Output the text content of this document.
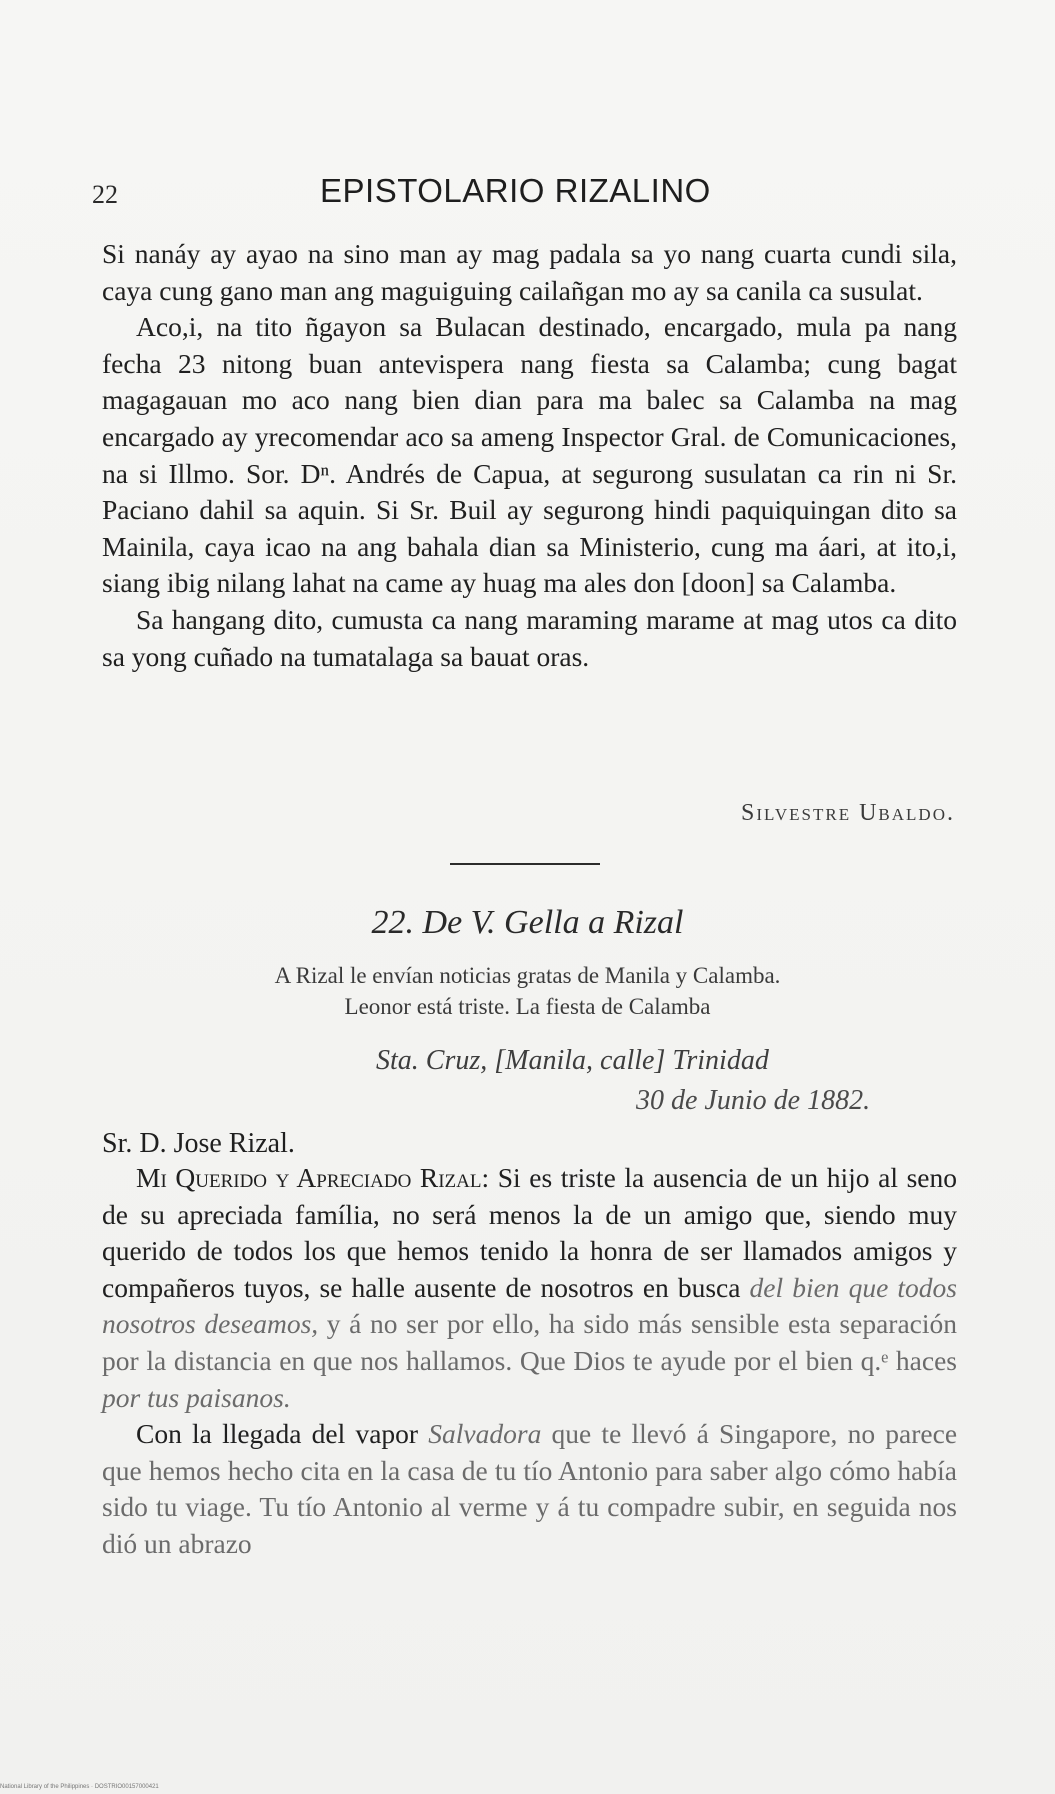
22	EPISTOLARIO RIZALINO

Si nanáy ay ayao na sino man ay mag padala sa yo nang cuarta cundi sila, caya cung gano man ang maguiguing cailañgan mo ay sa canila ca susulat.

Aco,i, na tito ñgayon sa Bulacan destinado, encargado, mula pa nang fecha 23 nitong buan antevispera nang fiesta sa Calamba; cung bagat magagauan mo aco nang bien dian para ma balec sa Calamba na mag encargado ay yrecomendar aco sa ameng Inspector Gral. de Comunicaciones, na si Illmo. Sor. Dⁿ. Andrés de Capua, at segurong susulatan ca rin ni Sr. Paciano dahil sa aquin. Si Sr. Buil ay segurong hindi paquiquingan dito sa Mainila, caya icao na ang bahala dian sa Ministerio, cung ma áari, at ito,i, siang ibig nilang lahat na came ay huag ma ales don [doon] sa Calamba.

Sa hangang dito, cumusta ca nang maraming marame at mag utos ca dito sa yong cuñado na tumatalaga sa bauat oras.

Silvestre Ubaldo.
22. De V. Gella a Rizal
A Rizal le envían noticias gratas de Manila y Calamba.
Leonor está triste. La fiesta de Calamba
Sta. Cruz, [Manila, calle] Trinidad
30 de Junio de 1882.
Sr. D. Jose Rizal.

Mi Querido y Apreciado Rizal: Si es triste la ausencia de un hijo al seno de su apreciada família, no será menos la de un amigo que, siendo muy querido de todos los que hemos tenido la honra de ser llamados amigos y compañeros tuyos, se halle ausente de nosotros en busca del bien que todos nosotros deseamos, y á no ser por ello, ha sido más sensible esta separación por la distancia en que nos hallamos. Que Dios te ayude por el bien q.ᵉ haces por tus paisanos.

Con la llegada del vapor Salvadora que te llevó á Singapore, no parece que hemos hecho cita en la casa de tu tío Antonio para saber algo cómo había sido tu viage. Tu tío Antonio al verme y á tu compadre subir, en seguida nos dió un abrazo

National Library of the Philippines · DOSTRIO00157000421
